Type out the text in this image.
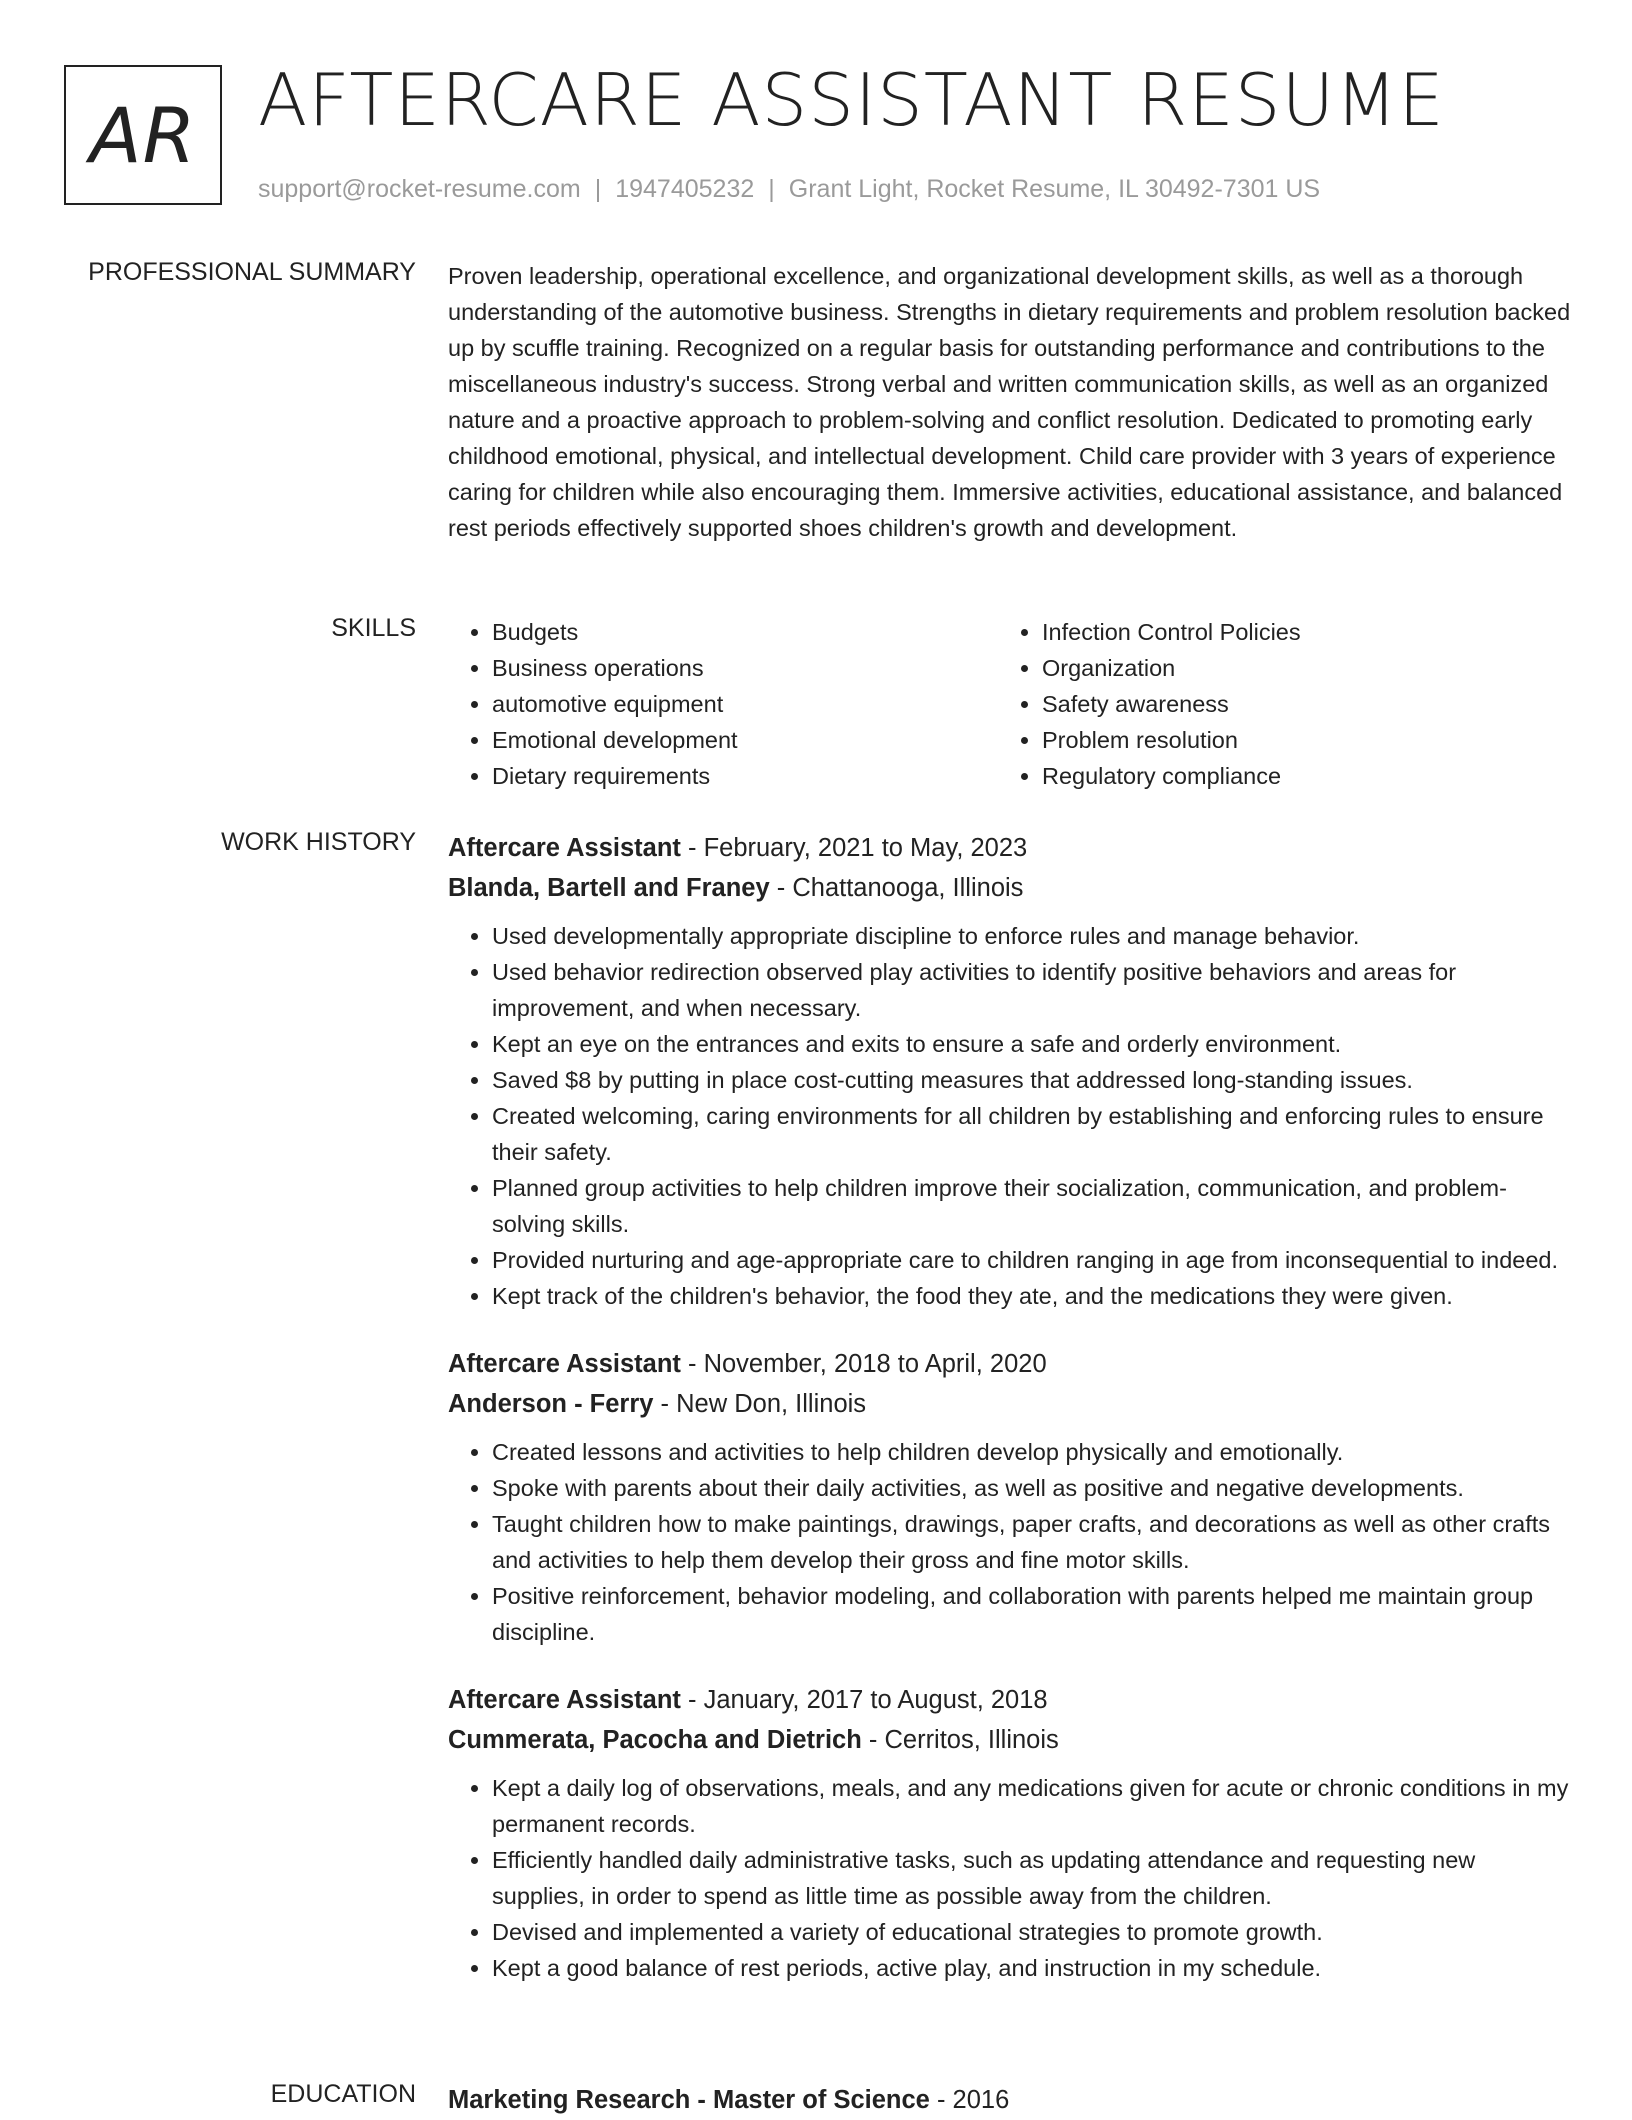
AR AFTERCARE ASSISTANT RESUME
support@rocket-resume.com | 1947405232 | Grant Light, Rocket Resume, IL 30492-7301 US
PROFESSIONAL SUMMARY Proven leadership, operational excellence, and organizational development skills, as well as a thorough understanding of the automotive business. Strengths in dietary requirements and problem resolution backed up by scuffle training. Recognized on a regular basis for outstanding performance and contributions to the miscellaneous industry's success. Strong verbal and written communication skills, as well as an organized nature and a proactive approach to problem-solving and conflict resolution. Dedicated to promoting early childhood emotional, physical, and intellectual development. Child care provider with 3 years of experience caring for children while also encouraging them. Immersive activities, educational assistance, and balanced rest periods effectively supported shoes children's growth and development.
SKILLS
•	Budgets
• Business operations
• automotive equipment
• Emotional development
• Dietary requirements
• Infection Control Policies
• Organization
• Safety awareness
• Problem resolution
• Regulatory compliance
WORK HISTORY Aftercare Assistant - February, 2021 to May, 2023
Blanda, Bartell and Franey - Chattanooga, Illinois
• Used developmentally appropriate discipline to enforce rules and manage behavior.
• Used behavior redirection observed play activities to identify positive behaviors and areas for improvement, and when necessary.
• Kept an eye on the entrances and exits to ensure a safe and orderly environment.
• Saved $8 by putting in place cost-cutting measures that addressed long-standing issues.
• Created welcoming, caring environments for all children by establishing and enforcing rules to ensure their safety.
• Planned group activities to help children improve their socialization, communication, and problem-solving skills.
• Provided nurturing and age-appropriate care to children ranging in age from inconsequential to indeed.
• Kept track of the children's behavior, the food they ate, and the medications they were given.
Aftercare Assistant - November, 2018 to April, 2020
Anderson - Ferry - New Don, Illinois
• Created lessons and activities to help children develop physically and emotionally.
• Spoke with parents about their daily activities, as well as positive and negative developments.
• Taught children how to make paintings, drawings, paper crafts, and decorations as well as other crafts and activities to help them develop their gross and fine motor skills.
• Positive reinforcement, behavior modeling, and collaboration with parents helped me maintain group discipline.
Aftercare Assistant - January, 2017 to August, 2018
Cummerata, Pacocha and Dietrich - Cerritos, Illinois
• Kept a daily log of observations, meals, and any medications given for acute or chronic conditions in my permanent records.
• Efficiently handled daily administrative tasks, such as updating attendance and requesting new supplies, in order to spend as little time as possible away from the children.
• Devised and implemented a variety of educational strategies to promote growth.
• Kept a good balance of rest periods, active play, and instruction in my schedule.
EDUCATION Marketing Research - Master of Science - 2016
